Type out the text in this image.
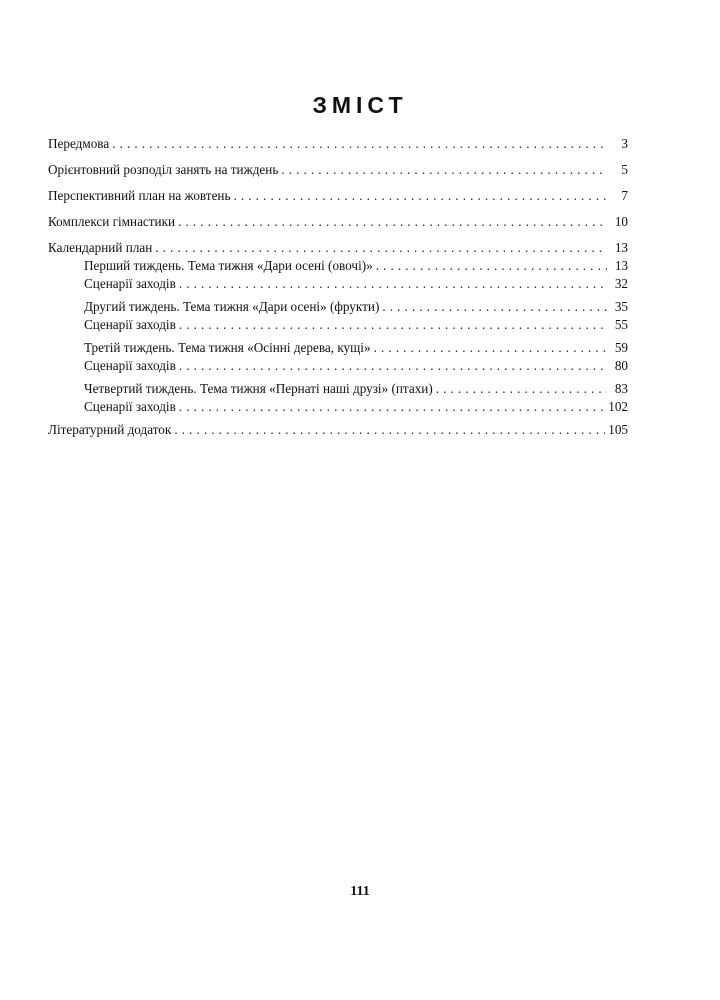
ЗМІСТ
Передмова . . .	3
Орієнтовний розподіл занять на тиждень . . .	5
Перспективний план на жовтень . . .	7
Комплекси гімнастики . . .	10
Календарний план . . .	13
Перший тиждень. Тема тижня «Дари осені (овочі)» . . .	13
Сценарії заходів . . .	32
Другий тиждень. Тема тижня «Дари осені» (фрукти) . . .	35
Сценарії заходів . . .	55
Третій тиждень. Тема тижня «Осінні дерева, кущі» . . .	59
Сценарії заходів . . .	80
Четвертий тиждень. Тема тижня «Пернаті наші друзі» (птахи) . . .	83
Сценарії заходів . . .	102
Літературний додаток . . .	105
111
